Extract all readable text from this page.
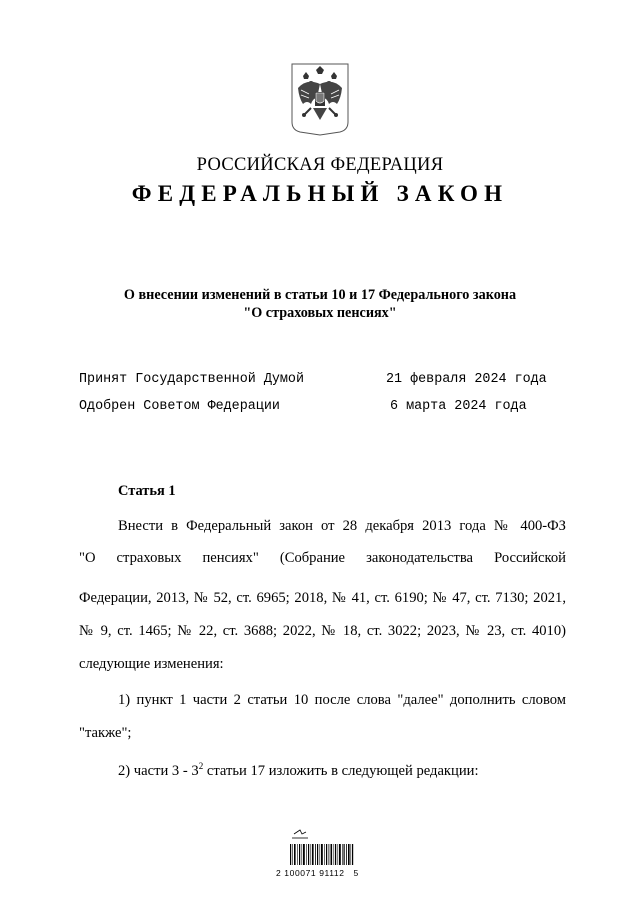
РОССИЙСКАЯ ФЕДЕРАЦИЯ
ФЕДЕРАЛЬНЫЙ ЗАКОН
О внесении изменений в статьи 10 и 17 Федерального закона
"О страховых пенсиях"
Принят Государственной Думой	21 февраля 2024 года
Одобрен Советом Федерации	6 марта 2024 года
Статья 1
Внести в Федеральный закон от 28 декабря 2013 года № 400-ФЗ
"О страховых пенсиях" (Собрание законодательства Российской
Федерации, 2013, № 52, ст. 6965; 2018, № 41, ст. 6190; № 47, ст. 7130; 2021,
№ 9, ст. 1465; № 22, ст. 3688; 2022, № 18, ст. 3022; 2023, № 23, ст. 4010)
следующие изменения:
1) пункт 1 части 2 статьи 10 после слова "далее" дополнить словом
"также";
2) части $3 - 3^2$ статьи 17 изложить в следующей редакции:
2 100071 91112   5
